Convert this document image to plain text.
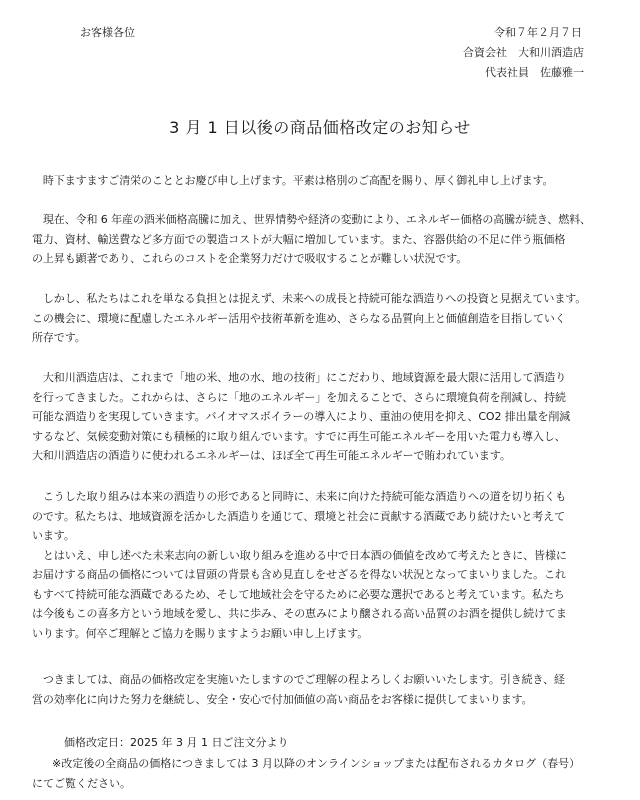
お客様各位	令和７年２月７日
合資会社　大和川酒造店
代表社員　佐藤雅一
3 月 1 日以後の商品価格改定のお知らせ
　時下ますますご清栄のこととお慶び申し上げます。平素は格別のご高配を賜り、厚く御礼申し上げます。
　現在、令和 6 年産の酒米価格高騰に加え、世界情勢や経済の変動により、エネルギー価格の高騰が続き、燃料、
電力、資材、輸送費など多方面での製造コストが大幅に増加しています。また、容器供給の不足に伴う瓶価格
の上昇も顕著であり、これらのコストを企業努力だけで吸収することが難しい状況です。
　しかし、私たちはこれを単なる負担とは捉えず、未来への成長と持続可能な酒造りへの投資と見据えています。
この機会に、環境に配慮したエネルギー活用や技術革新を進め、さらなる品質向上と価値創造を目指していく
所存です。
　大和川酒造店は、これまで「地の米、地の水、地の技術」にこだわり、地域資源を最大限に活用して酒造り
を行ってきました。これからは、さらに「地のエネルギー」を加えることで、さらに環境負荷を削減し、持続
可能な酒造りを実現していきます。バイオマスボイラーの導入により、重油の使用を抑え、CO2 排出量を削減
するなど、気候変動対策にも積極的に取り組んでいます。すでに再生可能エネルギーを用いた電力も導入し、
大和川酒造店の酒造りに使われるエネルギーは、ほぼ全て再生可能エネルギーで賄われています。
　こうした取り組みは本来の酒造りの形であると同時に、未来に向けた持続可能な酒造りへの道を切り拓くも
のです。私たちは、地域資源を活かした酒造りを通じて、環境と社会に貢献する酒蔵であり続けたいと考えて
います。
　とはいえ、申し述べた未来志向の新しい取り組みを進める中で日本酒の価値を改めて考えたときに、皆様に
お届けする商品の価格については冒頭の背景も含め見直しをせざるを得ない状況となってまいりました。これ
もすべて持続可能な酒蔵であるため、そして地域社会を守るために必要な選択であると考えています。私たち
は今後もこの喜多方という地域を愛し、共に歩み、その恵みにより醸される高い品質のお酒を提供し続けてま
いります。何卒ご理解とご協力を賜りますようお願い申し上げます。
　つきましては、商品の価格改定を実施いたしますのでご理解の程よろしくお願いいたします。引き続き、経
営の効率化に向けた努力を継続し、安全・安心で付加価値の高い商品をお客様に提供してまいります。
価格改定日：2025 年 3 月 1 日ご注文分より
※改定後の全商品の価格につきましては 3 月以降のオンラインショップまたは配布されるカタログ（春号）
にてご覧ください。
